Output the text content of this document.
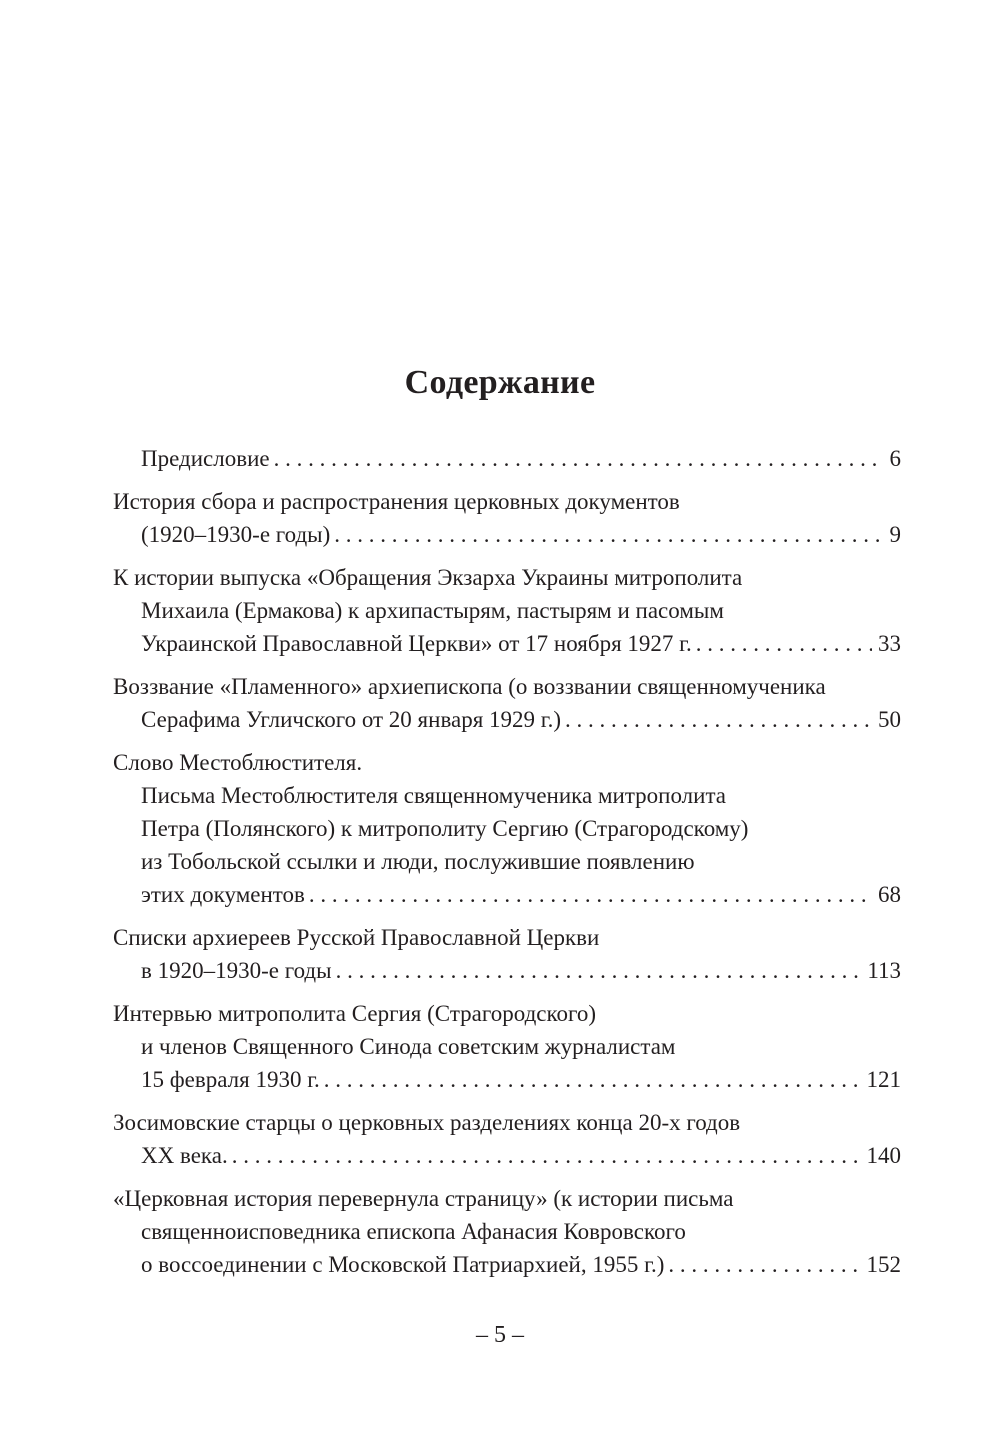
Содержание
Предисловие . . .	6
История сбора и распространения церковных документов
(1920–1930-е годы) . . .	9
К истории выпуска «Обращения Экзарха Украины митрополита
Михаила (Ермакова) к архипастырям, пастырям и пасомым
Украинской Православной Церкви» от 17 ноября 1927 г. . . .	33
Воззвание «Пламенного» архиепископа (о воззвании священномученика
Серафима Угличского от 20 января 1929 г.) . . .	50
Слово Местоблюстителя.
Письма Местоблюстителя священномученика митрополита
Петра (Полянского) к митрополиту Сергию (Страгородскому)
из Тобольской ссылки и люди, послужившие появлению
этих документов . . .	68
Списки архиереев Русской Православной Церкви
в 1920–1930-е годы . . .	113
Интервью митрополита Сергия (Страгородского)
и членов Священного Синода советским журналистам
15 февраля 1930 г. . . .	121
Зосимовские старцы о церковных разделениях конца 20-х годов
XX века. . . .	140
«Церковная история перевернула страницу» (к истории письма
священноисповедника епископа Афанасия Ковровского
о воссоединении с Московской Патриархией, 1955 г.) . . .	152
– 5 –
